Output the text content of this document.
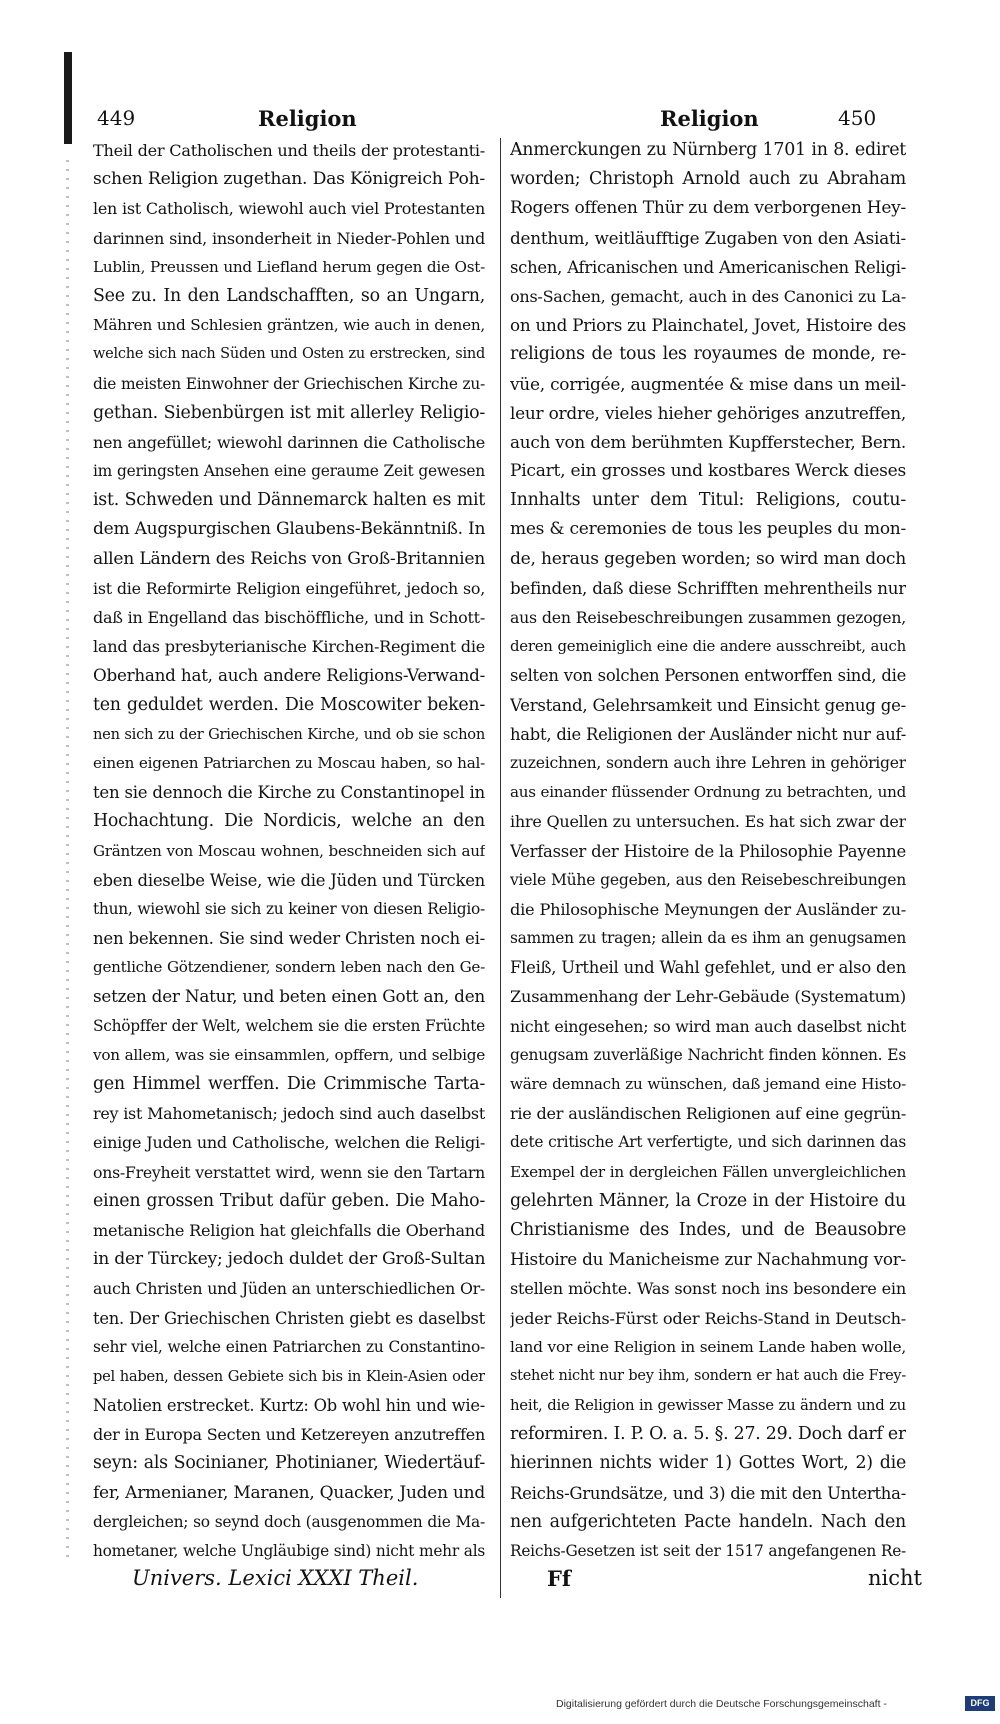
449	Religion	Religion	450
Theil der Catholischen und theils der protestanti-
schen Religion zugethan. Das Königreich Poh-
len ist Catholisch, wiewohl auch viel Protestanten
darinnen sind, insonderheit in Nieder-Pohlen und
Lublin, Preussen und Liefland herum gegen die Ost-
See zu. In den Landschafften, so an Ungarn,
Mähren und Schlesien gräntzen, wie auch in denen,
welche sich nach Süden und Osten zu erstrecken, sind
die meisten Einwohner der Griechischen Kirche zu-
gethan. Siebenbürgen ist mit allerley Religio-
nen angefüllet; wiewohl darinnen die Catholische
im geringsten Ansehen eine geraume Zeit gewesen
ist. Schweden und Dännemarck halten es mit
dem Augspurgischen Glaubens-Bekänntniß. In
allen Ländern des Reichs von Groß-Britannien
ist die Reformirte Religion eingeführet, jedoch so,
daß in Engelland das bischöffliche, und in Schott-
land das presbyterianische Kirchen-Regiment die
Oberhand hat, auch andere Religions-Verwand-
ten geduldet werden. Die Moscowiter beken-
nen sich zu der Griechischen Kirche, und ob sie schon
einen eigenen Patriarchen zu Moscau haben, so hal-
ten sie dennoch die Kirche zu Constantinopel in
Hochachtung. Die Nordicis, welche an den
Gräntzen von Moscau wohnen, beschneiden sich auf
eben dieselbe Weise, wie die Jüden und Türcken
thun, wiewohl sie sich zu keiner von diesen Religio-
nen bekennen. Sie sind weder Christen noch ei-
gentliche Götzendiener, sondern leben nach den Ge-
setzen der Natur, und beten einen Gott an, den
Schöpffer der Welt, welchem sie die ersten Früchte
von allem, was sie einsammlen, opffern, und selbige
gen Himmel werffen. Die Crimmische Tarta-
rey ist Mahometanisch; jedoch sind auch daselbst
einige Juden und Catholische, welchen die Religi-
ons-Freyheit verstattet wird, wenn sie den Tartarn
einen grossen Tribut dafür geben. Die Maho-
metanische Religion hat gleichfalls die Oberhand
in der Türckey; jedoch duldet der Groß-Sultan
auch Christen und Jüden an unterschiedlichen Or-
ten. Der Griechischen Christen giebt es daselbst
sehr viel, welche einen Patriarchen zu Constantino-
pel haben, dessen Gebiete sich bis in Klein-Asien oder
Natolien erstrecket. Kurtz: Ob wohl hin und wie-
der in Europa Secten und Ketzereyen anzutreffen
seyn: als Socinianer, Photinianer, Wiedertäuf-
fer, Armenianer, Maranen, Quacker, Juden und
dergleichen; so seynd doch (ausgenommen die Ma-
hometaner, welche Ungläubige sind) nicht mehr als
Anmerckungen zu Nürnberg 1701 in 8. ediret
worden; Christoph Arnold auch zu Abraham
Rogers offenen Thür zu dem verborgenen Hey-
denthum, weitläufftige Zugaben von den Asiati-
schen, Africanischen und Americanischen Religi-
ons-Sachen, gemacht, auch in des Canonici zu La-
on und Priors zu Plainchatel, Jovet, Histoire des
religions de tous les royaumes de monde, re-
vüe, corrigée, augmentée & mise dans un meil-
leur ordre, vieles hieher gehöriges anzutreffen,
auch von dem berühmten Kupfferstecher, Bern.
Picart, ein grosses und kostbares Werck dieses
Innhalts unter dem Titul: Religions, coutu-
mes & ceremonies de tous les peuples du mon-
de, heraus gegeben worden; so wird man doch
befinden, daß diese Schrifften mehrentheils nur
aus den Reisebeschreibungen zusammen gezogen,
deren gemeiniglich eine die andere ausschreibt, auch
selten von solchen Personen entworffen sind, die
Verstand, Gelehrsamkeit und Einsicht genug ge-
habt, die Religionen der Ausländer nicht nur auf-
zuzeichnen, sondern auch ihre Lehren in gehöriger
aus einander flüssender Ordnung zu betrachten, und
ihre Quellen zu untersuchen. Es hat sich zwar der
Verfasser der Histoire de la Philosophie Payenne
viele Mühe gegeben, aus den Reisebeschreibungen
die Philosophische Meynungen der Ausländer zu-
sammen zu tragen; allein da es ihm an genugsamen
Fleiß, Urtheil und Wahl gefehlet, und er also den
Zusammenhang der Lehr-Gebäude (Systematum)
nicht eingesehen; so wird man auch daselbst nicht
genugsam zuverläßige Nachricht finden können. Es
wäre demnach zu wünschen, daß jemand eine Histo-
rie der ausländischen Religionen auf eine gegrün-
dete critische Art verfertigte, und sich darinnen das
Exempel der in dergleichen Fällen unvergleichlichen
gelehrten Männer, la Croze in der Histoire du
Christianisme des Indes, und de Beausobre
Histoire du Manicheisme zur Nachahmung vor-
stellen möchte. Was sonst noch ins besondere ein
jeder Reichs-Fürst oder Reichs-Stand in Deutsch-
land vor eine Religion in seinem Lande haben wolle,
stehet nicht nur bey ihm, sondern er hat auch die Frey-
heit, die Religion in gewisser Masse zu ändern und zu
reformiren. I. P. O. a. 5. §. 27. 29. Doch darf er
hierinnen nichts wider 1) Gottes Wort, 2) die
Reichs-Grundsätze, und 3) die mit den Untertha-
nen aufgerichteten Pacte handeln. Nach den
Reichs-Gesetzen ist seit der 1517 angefangenen Re-
Univers. Lexici XXXI Theil.	Ff	nicht
Digitalisierung gefördert durch die Deutsche Forschungsgemeinschaft -	DFG
